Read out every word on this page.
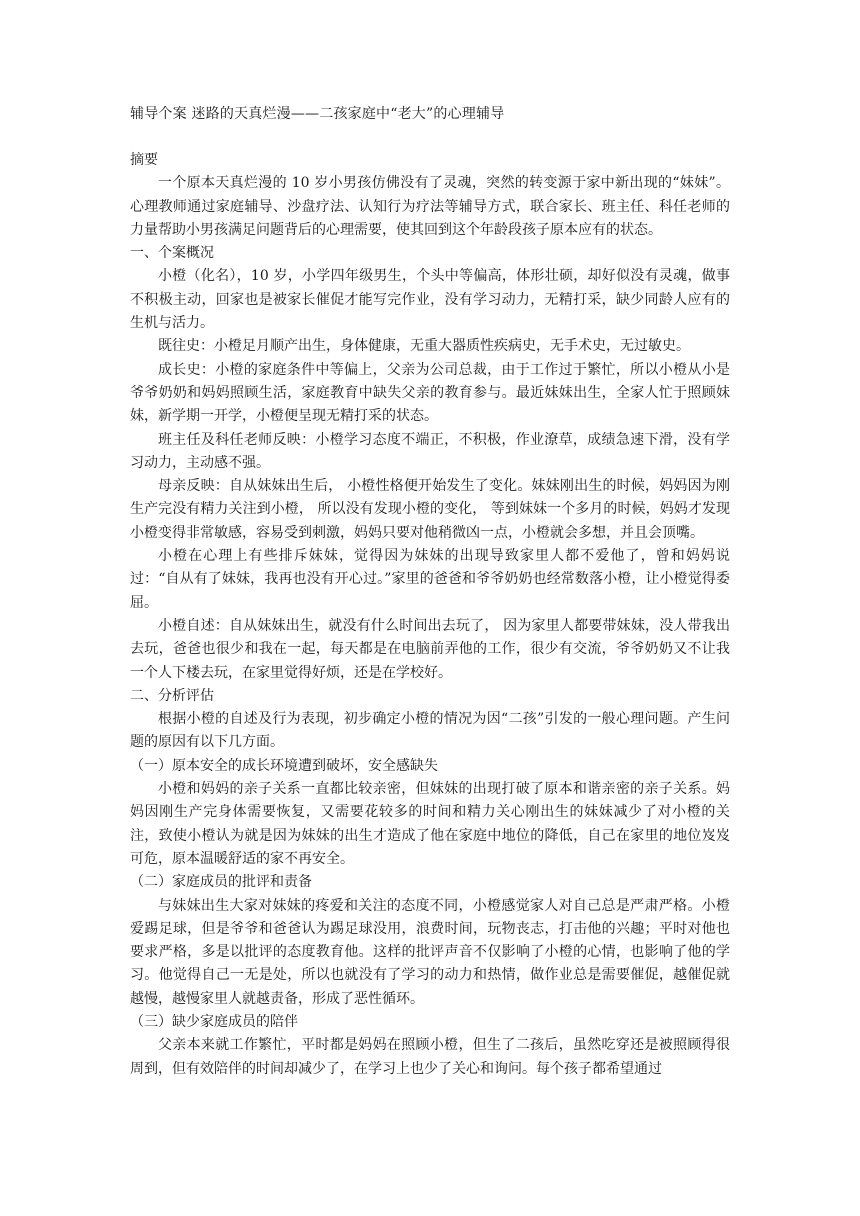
辅导个案 迷路的天真烂漫——二孩家庭中“老大”的心理辅导

摘要

一个原本天真烂漫的 10 岁小男孩仿佛没有了灵魂，突然的转变源于家中新出现的“妹妹”。心理教师通过家庭辅导、沙盘疗法、认知行为疗法等辅导方式，联合家长、班主任、科任老师的力量帮助小男孩满足问题背后的心理需要，使其回到这个年龄段孩子原本应有的状态。

一、个案概况

小橙（化名），10 岁，小学四年级男生，个头中等偏高，体形壮硕，却好似没有灵魂，做事不积极主动，回家也是被家长催促才能写完作业，没有学习动力，无精打采，缺少同龄人应有的生机与活力。

既往史：小橙足月顺产出生，身体健康，无重大器质性疾病史，无手术史，无过敏史。

成长史：小橙的家庭条件中等偏上，父亲为公司总裁，由于工作过于繁忙，所以小橙从小是爷爷奶奶和妈妈照顾生活，家庭教育中缺失父亲的教育参与。最近妹妹出生，全家人忙于照顾妹妹，新学期一开学，小橙便呈现无精打采的状态。

班主任及科任老师反映：小橙学习态度不端正，不积极，作业潦草，成绩急速下滑，没有学习动力，主动感不强。

母亲反映：自从妹妹出生后， 小橙性格便开始发生了变化。妹妹刚出生的时候，妈妈因为刚生产完没有精力关注到小橙， 所以没有发现小橙的变化， 等到妹妹一个多月的时候，妈妈才发现小橙变得非常敏感，容易受到刺激，妈妈只要对他稍微凶一点，小橙就会多想，并且会顶嘴。

小橙在心理上有些排斥妹妹，觉得因为妹妹的出现导致家里人都不爱他了，曾和妈妈说过：“自从有了妹妹，我再也没有开心过。”家里的爸爸和爷爷奶奶也经常数落小橙，让小橙觉得委屈。

小橙自述：自从妹妹出生，就没有什么时间出去玩了， 因为家里人都要带妹妹，没人带我出去玩，爸爸也很少和我在一起，每天都是在电脑前弄他的工作，很少有交流，爷爷奶奶又不让我一个人下楼去玩，在家里觉得好烦，还是在学校好。

二、分析评估

根据小橙的自述及行为表现，初步确定小橙的情况为因“二孩”引发的一般心理问题。产生问题的原因有以下几方面。

（一）原本安全的成长环境遭到破坏，安全感缺失

小橙和妈妈的亲子关系一直都比较亲密，但妹妹的出现打破了原本和谐亲密的亲子关系。妈妈因刚生产完身体需要恢复，又需要花较多的时间和精力关心刚出生的妹妹减少了对小橙的关注，致使小橙认为就是因为妹妹的出生才造成了他在家庭中地位的降低，自己在家里的地位岌岌可危，原本温暖舒适的家不再安全。

（二）家庭成员的批评和责备

与妹妹出生大家对妹妹的疼爱和关注的态度不同，小橙感觉家人对自己总是严肃严格。小橙爱踢足球，但是爷爷和爸爸认为踢足球没用，浪费时间，玩物丧志，打击他的兴趣；平时对他也要求严格，多是以批评的态度教育他。这样的批评声音不仅影响了小橙的心情，也影响了他的学习。他觉得自己一无是处，所以也就没有了学习的动力和热情，做作业总是需要催促，越催促就越慢，越慢家里人就越责备，形成了恶性循环。

（三）缺少家庭成员的陪伴

父亲本来就工作繁忙，平时都是妈妈在照顾小橙，但生了二孩后，虽然吃穿还是被照顾得很周到，但有效陪伴的时间却减少了，在学习上也少了关心和询问。每个孩子都希望通过
